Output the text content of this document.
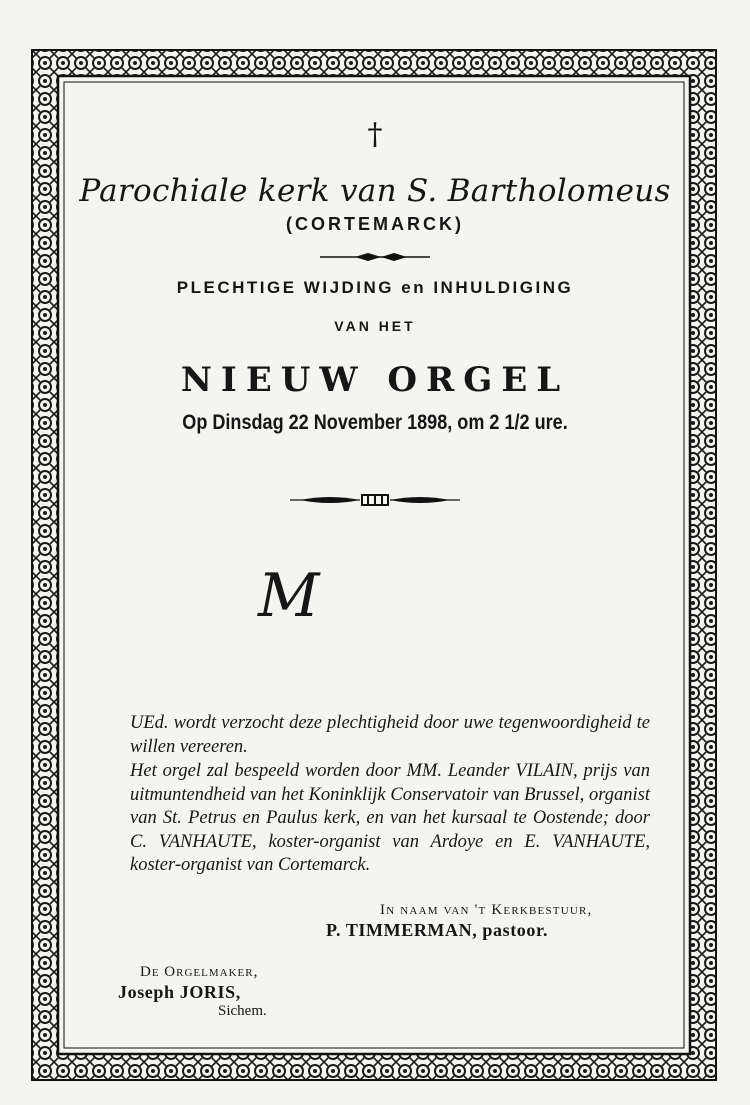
†
Parochiale kerk van S. Bartholomeus
(CORTEMARCK)
PLECHTIGE WIJDING en INHULDIGING
VAN HET
NIEUW ORGEL
Op Dinsdag 22 November 1898, om 2 1/2 ure.
M
UEd. wordt verzocht deze plechtigheid door uwe tegenwoordigheid te willen vereeren.
Het orgel zal bespeeld worden door MM. Leander VILAIN, prijs van uitmuntendheid van het Koninklijk Conservatoir van Brussel, organist van St. Petrus en Paulus kerk, en van het kursaal te Oostende; door C. VANHAUTE, koster-organist van Ardoye en E. VANHAUTE, koster-organist van Cortemarck.
In naam van 't Kerkbestuur,
P. TIMMERMAN, pastoor.
De Orgelmaker,
Joseph JORIS,
Sichem.
